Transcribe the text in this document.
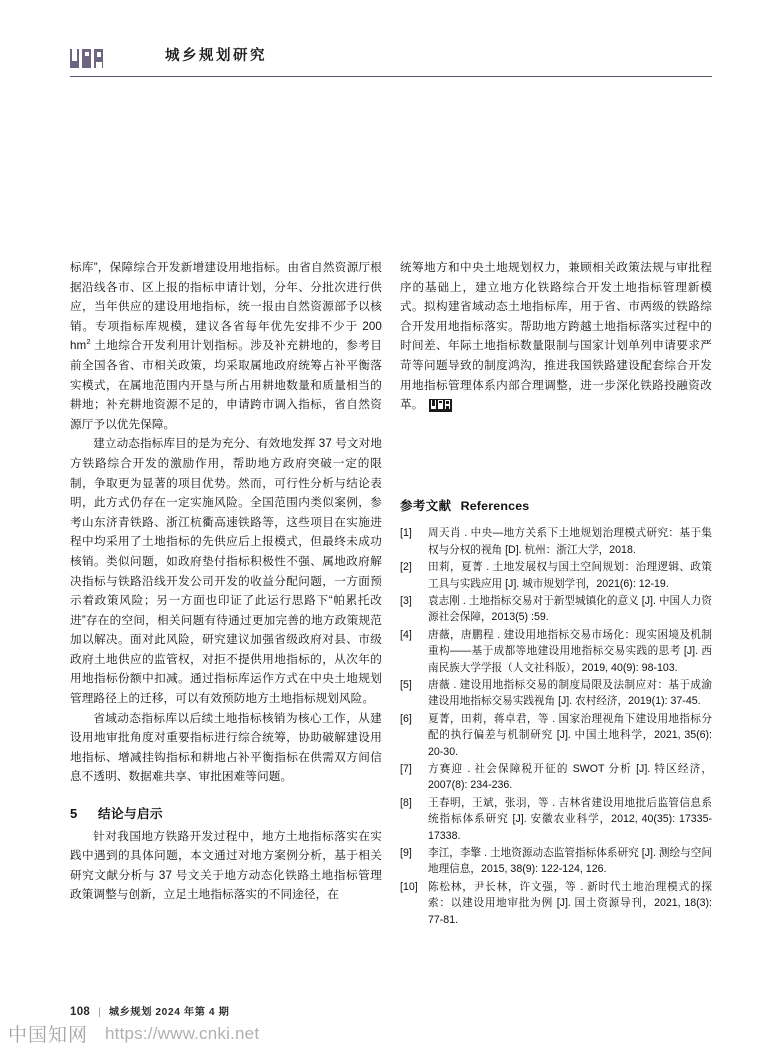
城乡规划研究

标库”，保障综合开发新增建设用地指标。由省自然资源厅根据沿线各市、区上报的指标申请计划，分年、分批次进行供应，当年供应的建设用地指标，统一报由自然资源部予以核销。专项指标库规模，建议各省每年优先安排不少于 200 $hm^2$ 土地综合开发利用计划指标。涉及补充耕地的，参考目前全国各省、市相关政策，均采取属地政府统筹占补平衡落实模式，在属地范围内开垦与所占用耕地数量和质量相当的耕地；补充耕地资源不足的，申请跨市调入指标，省自然资源厅予以优先保障。

建立动态指标库目的是为充分、有效地发挥 37 号文对地方铁路综合开发的激励作用，帮助地方政府突破一定的限制，争取更为显著的项目优势。然而，可行性分析与结论表明，此方式仍存在一定实施风险。全国范围内类似案例，参考山东济青铁路、浙江杭衢高速铁路等，这些项目在实施进程中均采用了土地指标的先供应后上报模式，但最终未成功核销。类似问题，如政府垫付指标积极性不强、属地政府解决指标与铁路沿线开发公司开发的收益分配问题，一方面预示着政策风险；另一方面也印证了此运行思路下“帕累托改进”存在的空间，相关问题有待通过更加完善的地方政策规范加以解决。面对此风险，研究建议加强省级政府对县、市级政府土地供应的监管权，对拒不提供用地指标的，从次年的用地指标份额中扣减。通过指标库运作方式在中央土地规划管理路径上的迁移，可以有效预防地方土地指标规划风险。

省域动态指标库以后续土地指标核销为核心工作，从建设用地审批角度对重要指标进行综合统筹，协助破解建设用地指标、增减挂钩指标和耕地占补平衡指标在供需双方间信息不透明、数据难共享、审批困难等问题。

5	结论与启示

针对我国地方铁路开发过程中，地方土地指标落实在实践中遇到的具体问题，本文通过对地方案例分析，基于相关研究文献分析与 37 号文关于地方动态化铁路土地指标管理政策调整与创新，立足土地指标落实的不同途径，在

统筹地方和中央土地规划权力，兼顾相关政策法规与审批程序的基础上，建立地方化铁路综合开发土地指标管理新模式。拟构建省域动态土地指标库，用于省、市两级的铁路综合开发用地指标落实。帮助地方跨越土地指标落实过程中的时间差、年际土地指标数量限制与国家计划单列申请要求严苛等问题导致的制度鸿沟，推进我国铁路建设配套综合开发用地指标管理体系内部合理调整，进一步深化铁路投融资改革。

参考文献 References
[1]	周天肖 . 中央—地方关系下土地规划治理模式研究：基于集权与分权的视角 [D]. 杭州：浙江大学，2018.
[2]	田莉，夏菁 . 土地发展权与国土空间规划：治理逻辑、政策工具与实践应用 [J]. 城市规划学刊，2021(6): 12-19.
[3]	袁志刚 . 土地指标交易对于新型城镇化的意义 [J]. 中国人力资源社会保障，2013(5) :59.
[4]	唐薇，唐鹏程 . 建设用地指标交易市场化：现实困境及机制重构——基于成都等地建设用地指标交易实践的思考 [J]. 西南民族大学学报（人文社科版），2019, 40(9): 98-103.
[5]	唐薇 . 建设用地指标交易的制度局限及法制应对：基于成渝建设用地指标交易实践视角 [J]. 农村经济，2019(1): 37-45.
[6]	夏菁，田莉，蒋卓君，等 . 国家治理视角下建设用地指标分配的执行偏差与机制研究 [J]. 中国土地科学，2021, 35(6): 20-30.
[7]	方赛迎 . 社会保障税开征的 SWOT 分析 [J]. 特区经济，2007(8): 234-236.
[8]	王春明，王斌，张羽，等 . 吉林省建设用地批后监管信息系统指标体系研究 [J]. 安徽农业科学，2012, 40(35): 17335-17338.
[9]	李江，李擎 . 土地资源动态监管指标体系研究 [J]. 测绘与空间地理信息，2015, 38(9): 122-124, 126.
[10] 陈松林，尹长林，许文强，等 . 新时代土地治理模式的探索：以建设用地审批为例 [J]. 国土资源导刊，2021, 18(3): 77-81.
108 | 城乡规划 2024 年第 4 期
中国知网 https://www.cnki.net
